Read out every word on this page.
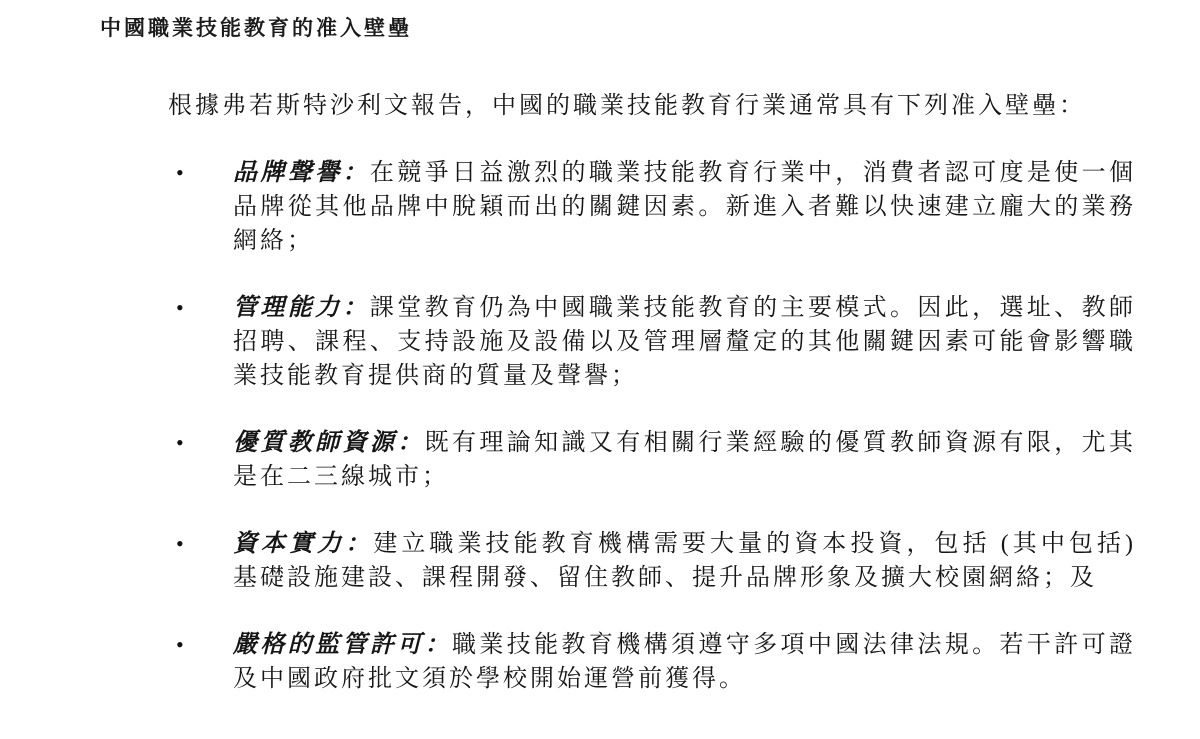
中國職業技能教育的准入壁壘

根據弗若斯特沙利文報告，中國的職業技能教育行業通常具有下列准入壁壘：

•	品牌聲譽：在競爭日益激烈的職業技能教育行業中，消費者認可度是使一個品牌從其他品牌中脫穎而出的關鍵因素。新進入者難以快速建立龐大的業務網絡；

•	管理能力：課堂教育仍為中國職業技能教育的主要模式。因此，選址、教師招聘、課程、支持設施及設備以及管理層釐定的其他關鍵因素可能會影響職業技能教育提供商的質量及聲譽；

•	優質教師資源：既有理論知識又有相關行業經驗的優質教師資源有限，尤其是在二三線城市；

•	資本實力：建立職業技能教育機構需要大量的資本投資，包括 (其中包括) 基礎設施建設、課程開發、留住教師、提升品牌形象及擴大校園網絡；及

•	嚴格的監管許可：職業技能教育機構須遵守多項中國法律法規。若干許可證及中國政府批文須於學校開始運營前獲得。
